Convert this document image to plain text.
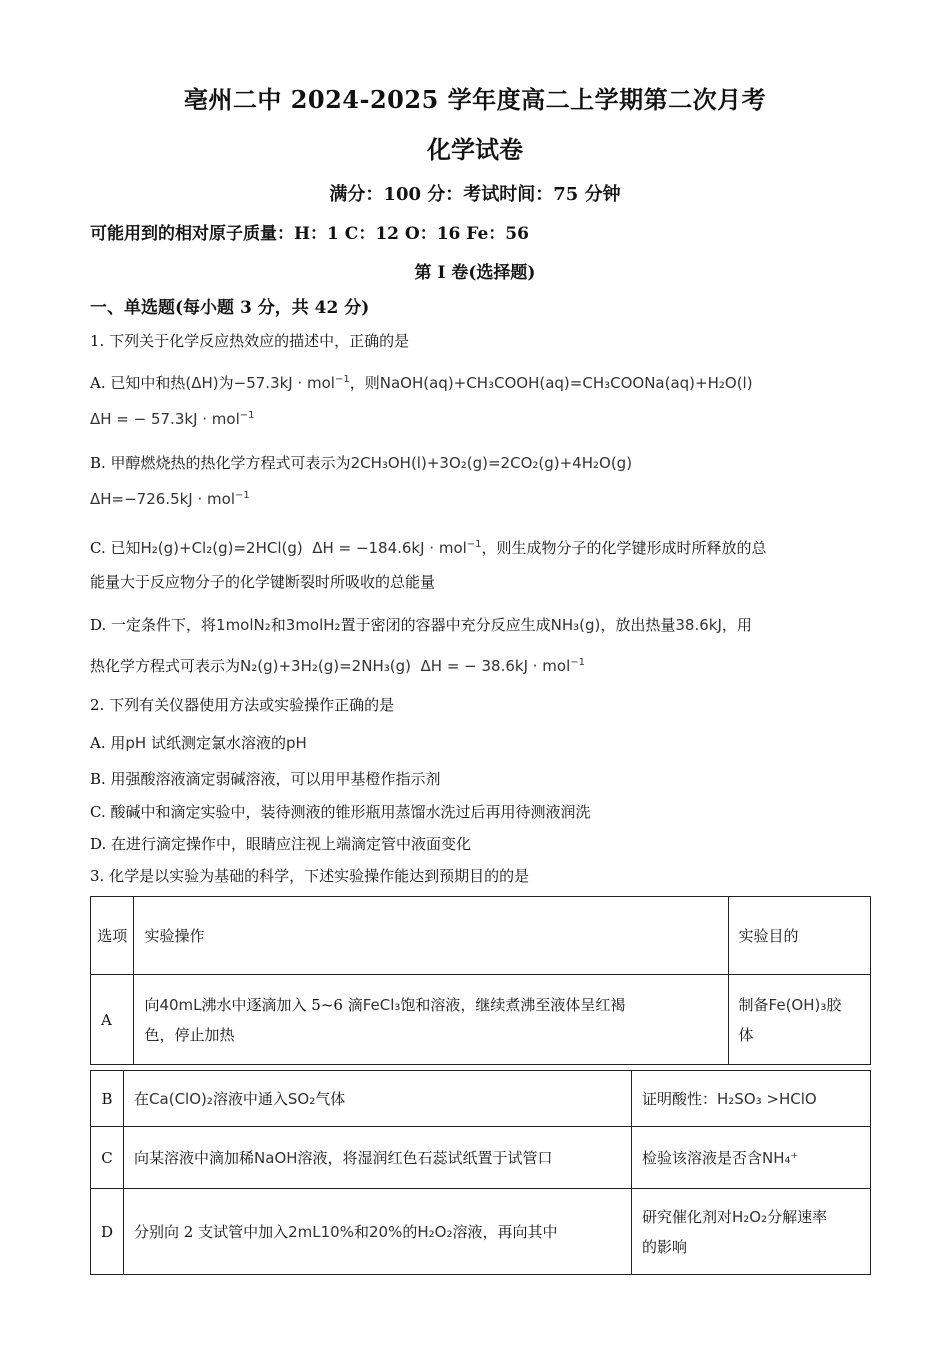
亳州二中 2024-2025 学年度高二上学期第二次月考
化学试卷
满分：100 分：考试时间：75 分钟
可能用到的相对原子质量：H：1 C：12 O：16 Fe：56
第 I 卷(选择题)
一、单选题(每小题 3 分，共 42 分)
1. 下列关于化学反应热效应的描述中，正确的是
A. 已知中和热(ΔH)为−57.3kJ · mol$^{-1}$，则NaOH(aq)+CH₃COOH(aq)=CH₃COONa(aq)+H₂O(l)
ΔH = − 57.3kJ · mol$^{-1}$
B. 甲醇燃烧热的热化学方程式可表示为2CH₃OH(l)+3O₂(g)=2CO₂(g)+4H₂O(g)
ΔH=−726.5kJ · mol$^{-1}$
C. 已知H₂(g)+Cl₂(g)=2HCl(g) ΔH = −184.6kJ · mol$^{-1}$，则生成物分子的化学键形成时所释放的总
能量大于反应物分子的化学键断裂时所吸收的总能量
D. 一定条件下，将1molN₂和3molH₂置于密闭的容器中充分反应生成NH₃(g)，放出热量38.6kJ，用
热化学方程式可表示为N₂(g)+3H₂(g)=2NH₃(g) ΔH = − 38.6kJ · mol$^{-1}$
2. 下列有关仪器使用方法或实验操作正确的是
A. 用pH 试纸测定氯水溶液的pH
B. 用强酸溶液滴定弱碱溶液，可以用甲基橙作指示剂
C. 酸碱中和滴定实验中，装待测液的锥形瓶用蒸馏水洗过后再用待测液润洗
D. 在进行滴定操作中，眼睛应注视上端滴定管中液面变化
3. 化学是以实验为基础的科学，下述实验操作能达到预期目的的是
选项	实验操作	实验目的
A	向40mL沸水中逐滴加入 5~6 滴FeCl₃饱和溶液，继续煮沸至液体呈红褐
色，停止加热	制备Fe(OH)₃胶
体
B	在Ca(ClO)₂溶液中通入SO₂气体	证明酸性：H₂SO₃ >HClO
C	向某溶液中滴加稀NaOH溶液，将湿润红色石蕊试纸置于试管口	检验该溶液是否含NH₄⁺
D	分别向 2 支试管中加入2mL10%和20%的H₂O₂溶液，再向其中	研究催化剂对H₂O₂分解速率
的影响
